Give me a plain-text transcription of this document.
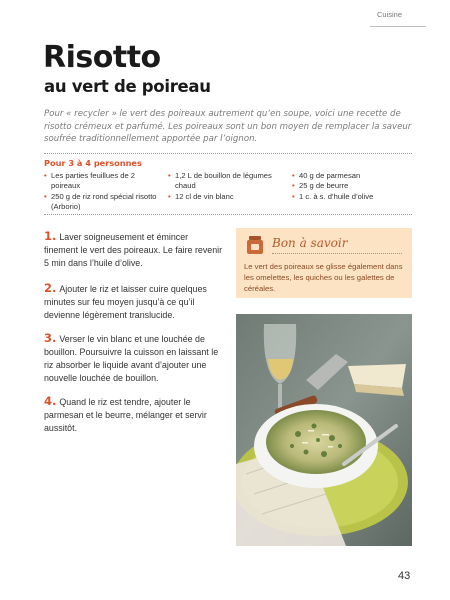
Cuisine
Risotto
au vert de poireau

Pour « recycler » le vert des poireaux autrement qu’en soupe, voici une recette de risotto crémeux et parfumé. Les poireaux sont un bon moyen de remplacer la saveur soufrée traditionnellement apportée par l’oignon.

Pour 3 à 4 personnes
• Les parties feuillues de 2 poireaux
• 250 g de riz rond spécial risotto (Arborio)
• 1,2 L de bouillon de légumes chaud
• 12 cl de vin blanc
• 40 g de parmesan
• 25 g de beurre
• 1 c. à s. d’huile d’olive

1. Laver soigneusement et émincer finement le vert des poireaux. Le faire revenir 5 min dans l’huile d’olive.

2. Ajouter le riz et laisser cuire quelques minutes sur feu moyen jusqu’à ce qu’il devienne légèrement translucide.

3. Verser le vin blanc et une louchée de bouillon. Poursuivre la cuisson en laissant le riz absorber le liquide avant d’ajouter une nouvelle louchée de bouillon.

4. Quand le riz est tendre, ajouter le parmesan et le beurre, mélanger et servir aussitôt.

Bon à savoir

Le vert des poireaux se glisse également dans les omelettes, les quiches ou les galettes de céréales.

43
